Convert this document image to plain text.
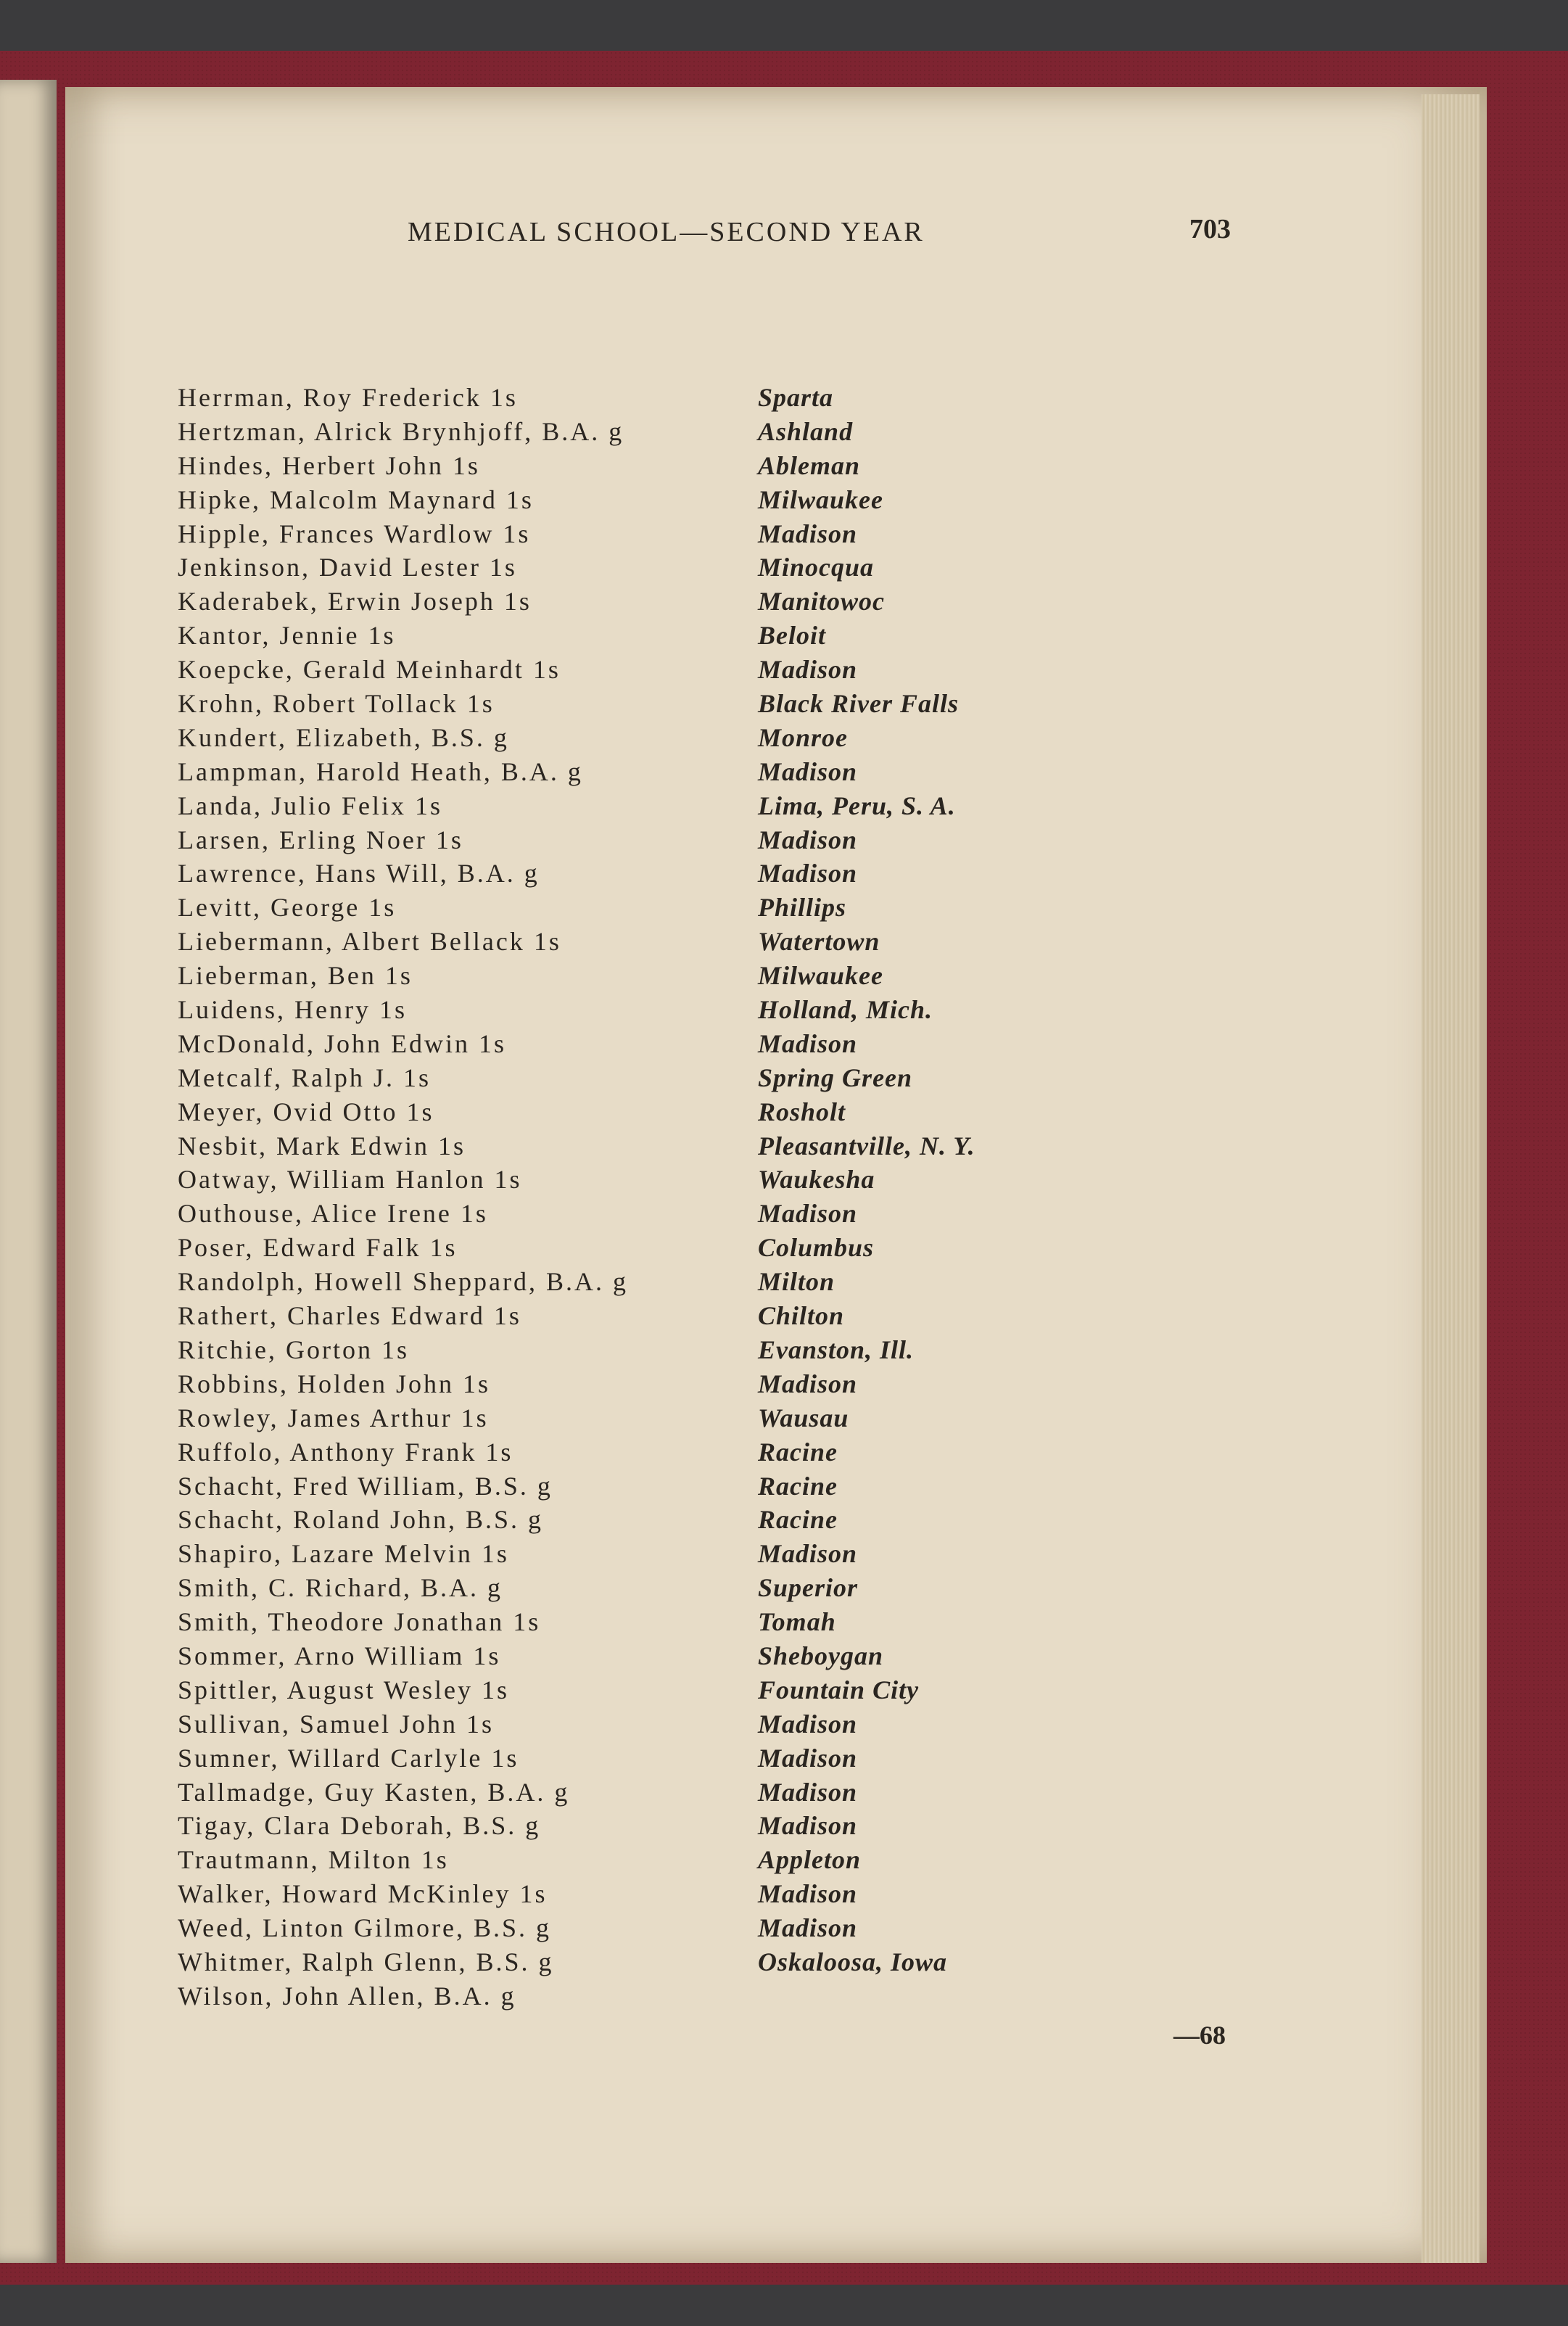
MEDICAL SCHOOL—SECOND YEAR	703
Herrman, Roy Frederick 1s	Sparta
Hertzman, Alrick Brynhjoff, B.A. g	Ashland
Hindes, Herbert John 1s	Ableman
Hipke, Malcolm Maynard 1s	Milwaukee
Hipple, Frances Wardlow 1s	Madison
Jenkinson, David Lester 1s	Minocqua
Kaderabek, Erwin Joseph 1s	Manitowoc
Kantor, Jennie 1s	Beloit
Koepcke, Gerald Meinhardt 1s	Madison
Krohn, Robert Tollack 1s	Black River Falls
Kundert, Elizabeth, B.S. g	Monroe
Lampman, Harold Heath, B.A. g	Madison
Landa, Julio Felix 1s	Lima, Peru, S. A.
Larsen, Erling Noer 1s	Madison
Lawrence, Hans Will, B.A. g	Madison
Levitt, George 1s	Phillips
Liebermann, Albert Bellack 1s	Watertown
Lieberman, Ben 1s	Milwaukee
Luidens, Henry 1s	Holland, Mich.
McDonald, John Edwin 1s	Madison
Metcalf, Ralph J. 1s	Spring Green
Meyer, Ovid Otto 1s	Rosholt
Nesbit, Mark Edwin 1s	Pleasantville, N. Y.
Oatway, William Hanlon 1s	Waukesha
Outhouse, Alice Irene 1s	Madison
Poser, Edward Falk 1s	Columbus
Randolph, Howell Sheppard, B.A. g	Milton
Rathert, Charles Edward 1s	Chilton
Ritchie, Gorton 1s	Evanston, Ill.
Robbins, Holden John 1s	Madison
Rowley, James Arthur 1s	Wausau
Ruffolo, Anthony Frank 1s	Racine
Schacht, Fred William, B.S. g	Racine
Schacht, Roland John, B.S. g	Racine
Shapiro, Lazare Melvin 1s	Madison
Smith, C. Richard, B.A. g	Superior
Smith, Theodore Jonathan 1s	Tomah
Sommer, Arno William 1s	Sheboygan
Spittler, August Wesley 1s	Fountain City
Sullivan, Samuel John 1s	Madison
Sumner, Willard Carlyle 1s	Madison
Tallmadge, Guy Kasten, B.A. g	Madison
Tigay, Clara Deborah, B.S. g	Madison
Trautmann, Milton 1s	Appleton
Walker, Howard McKinley 1s	Madison
Weed, Linton Gilmore, B.S. g	Madison
Whitmer, Ralph Glenn, B.S. g	Oskaloosa, Iowa
Wilson, John Allen, B.A. g
—68
